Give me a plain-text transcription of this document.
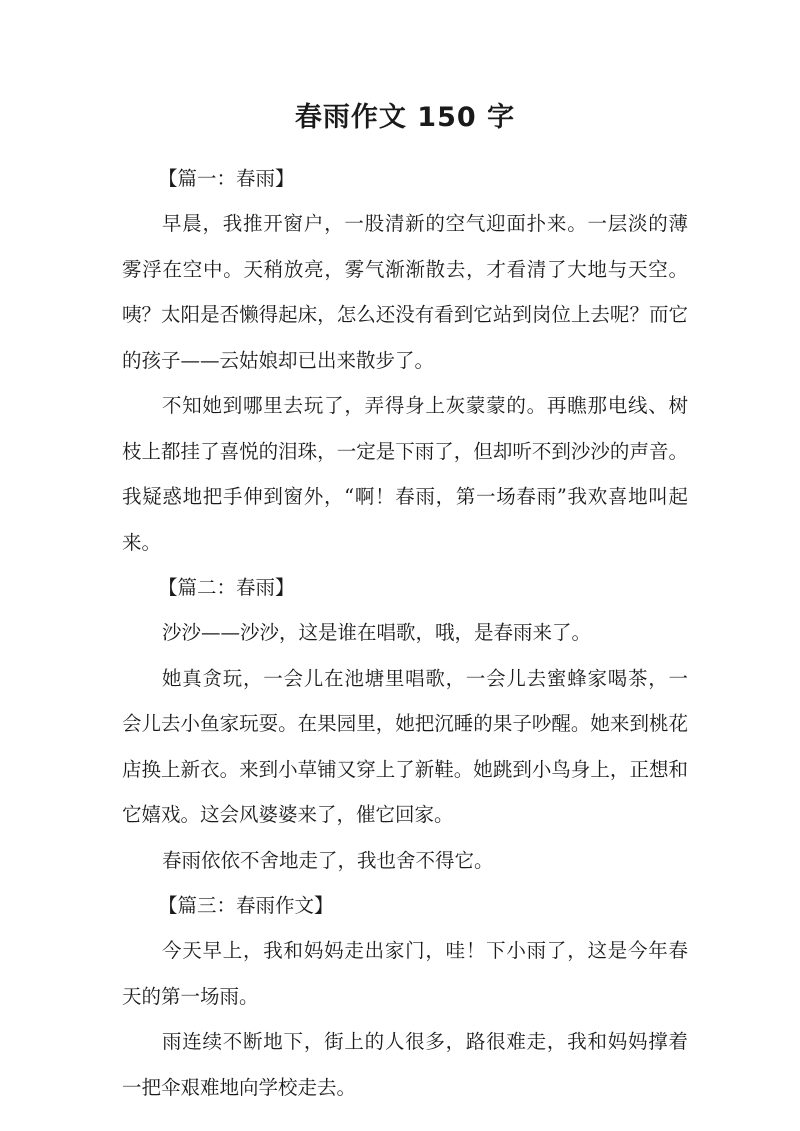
春雨作文 150 字

【篇一：春雨】

早晨，我推开窗户，一股清新的空气迎面扑来。一层淡的薄雾浮在空中。天稍放亮，雾气渐渐散去，才看清了大地与天空。咦？太阳是否懒得起床，怎么还没有看到它站到岗位上去呢？而它的孩子——云姑娘却已出来散步了。

不知她到哪里去玩了，弄得身上灰蒙蒙的。再瞧那电线、树枝上都挂了喜悦的泪珠，一定是下雨了，但却听不到沙沙的声音。我疑惑地把手伸到窗外，“啊！春雨，第一场春雨”我欢喜地叫起来。

【篇二：春雨】

沙沙——沙沙，这是谁在唱歌，哦，是春雨来了。

她真贪玩，一会儿在池塘里唱歌，一会儿去蜜蜂家喝茶，一会儿去小鱼家玩耍。在果园里，她把沉睡的果子吵醒。她来到桃花店换上新衣。来到小草铺又穿上了新鞋。她跳到小鸟身上，正想和它嬉戏。这会风婆婆来了，催它回家。

春雨依依不舍地走了，我也舍不得它。

【篇三：春雨作文】

今天早上，我和妈妈走出家门，哇！下小雨了，这是今年春天的第一场雨。

雨连续不断地下，街上的人很多，路很难走，我和妈妈撑着一把伞艰难地向学校走去。
